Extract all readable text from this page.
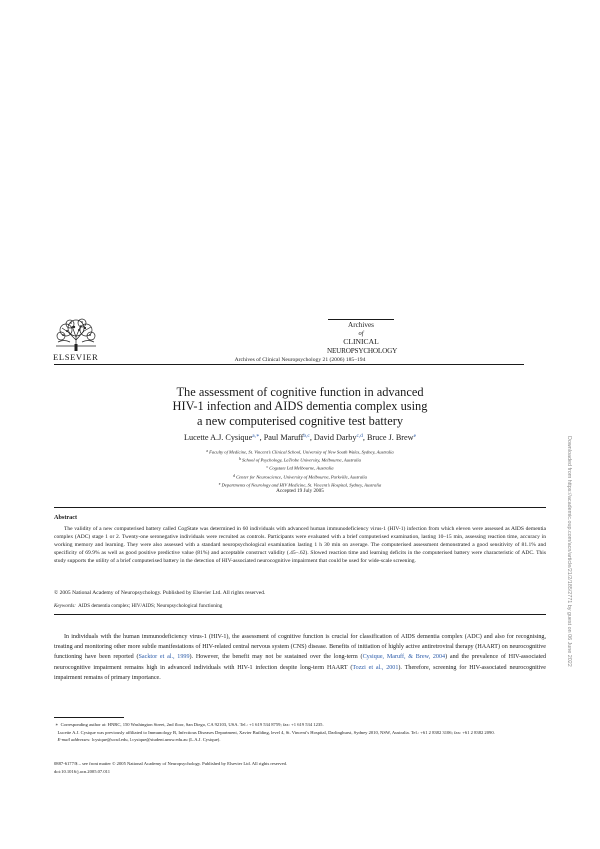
ELSEVIER	Archives of Clinical Neuropsychology 21 (2006) 185–194
Archives
of
CLINICAL
NEUROPSYCHOLOGY
The assessment of cognitive function in advanced
HIV-1 infection and AIDS dementia complex using
a new computerised cognitive test battery
Lucette A.J. Cysique$^{a,∗}$, Paul Maruff$^{b,c}$, David Darby$^{c,d}$, Bruce J. Brew$^e$
$^a$ Faculty of Medicine, St. Vincent’s Clinical School, University of New South Wales, Sydney, Australia
$^b$ School of Psychology, LaTrobe University, Melbourne, Australia
$^c$ Cogstate Ltd Melbourne, Australia
$^d$ Center for Neuroscience, University of Melbourne, Parkville, Australia
$^e$ Departments of Neurology and HIV Medicine, St. Vincent’s Hospital, Sydney, Australia
Accepted 19 July 2005
Abstract
The validity of a new computerised battery called CogState was determined in 60 individuals with advanced human immunodeficiency virus-1 (HIV-1) infection from which eleven were assessed as AIDS dementia complex (ADC) stage 1 or 2. Twenty-one seronegative individuals were recruited as controls. Participants were evaluated with a brief computerised examination, lasting 10–15 min, assessing reaction time, accuracy in working memory and learning. They were also assessed with a standard neuropsychological examination lasting 1 h 30 min on average. The computerised assessment demonstrated a good sensitivity of 81.1% and specificity of 69.9% as well as good positive predictive value (81%) and acceptable construct validity (.45–.62). Slowed reaction time and learning deficits in the computerised battery were characteristic of ADC. This study supports the utility of a brief computerised battery in the detection of HIV-associated neurocognitive impairment that could be used for wide-scale screening.
© 2005 National Academy of Neuropsychology. Published by Elsevier Ltd. All rights reserved.
Keywords: AIDS dementia complex; HIV/AIDS; Neuropsychological functioning
In individuals with the human immunodeficiency virus-1 (HIV-1), the assessment of cognitive function is crucial for classification of AIDS dementia complex (ADC) and also for recognising, treating and monitoring other more subtle manifestations of HIV-related central nervous system (CNS) disease. Benefits of initiation of highly active antiretroviral therapy (HAART) on neurocognitive functioning have been reported (Sacktor et al., 1999). However, the benefit may not be sustained over the long-term (Cysique, Maruff, & Brew, 2004) and the prevalence of HIV-associated neurocognitive impairment remains high in advanced individuals with HIV-1 infection despite long-term HAART (Tozzi et al., 2001). Therefore, screening for HIV-associated neurocognitive impairment remains of primary importance.
∗ Corresponding author at: HNRC, 150 Washington Street, 2nd floor, San Diego, CA 92103, USA. Tel.: +1 619 534 8759; fax: +1 619 534 1235.
Lucette A.J. Cysique was previously affiliated to Immunology B, Infectious Diseases Department, Xavier Building, level 4, St. Vincent’s Hospital, Darlinghurst, Sydney 2010, NSW, Australia. Tel.: +61 2 8382 3106; fax: +61 2 8382 2090.
E-mail addresses: lcysique@ucsd.edu, l.cysique@student.unsw.edu.au (L.A.J. Cysique).
0887-6177/$ – see front matter © 2005 National Academy of Neuropsychology. Published by Elsevier Ltd. All rights reserved.
doi:10.1016/j.acn.2005.07.011
Downloaded from https://academic.oup.com/acn/article/21/2/185/2771 by guest on 06 June 2022
